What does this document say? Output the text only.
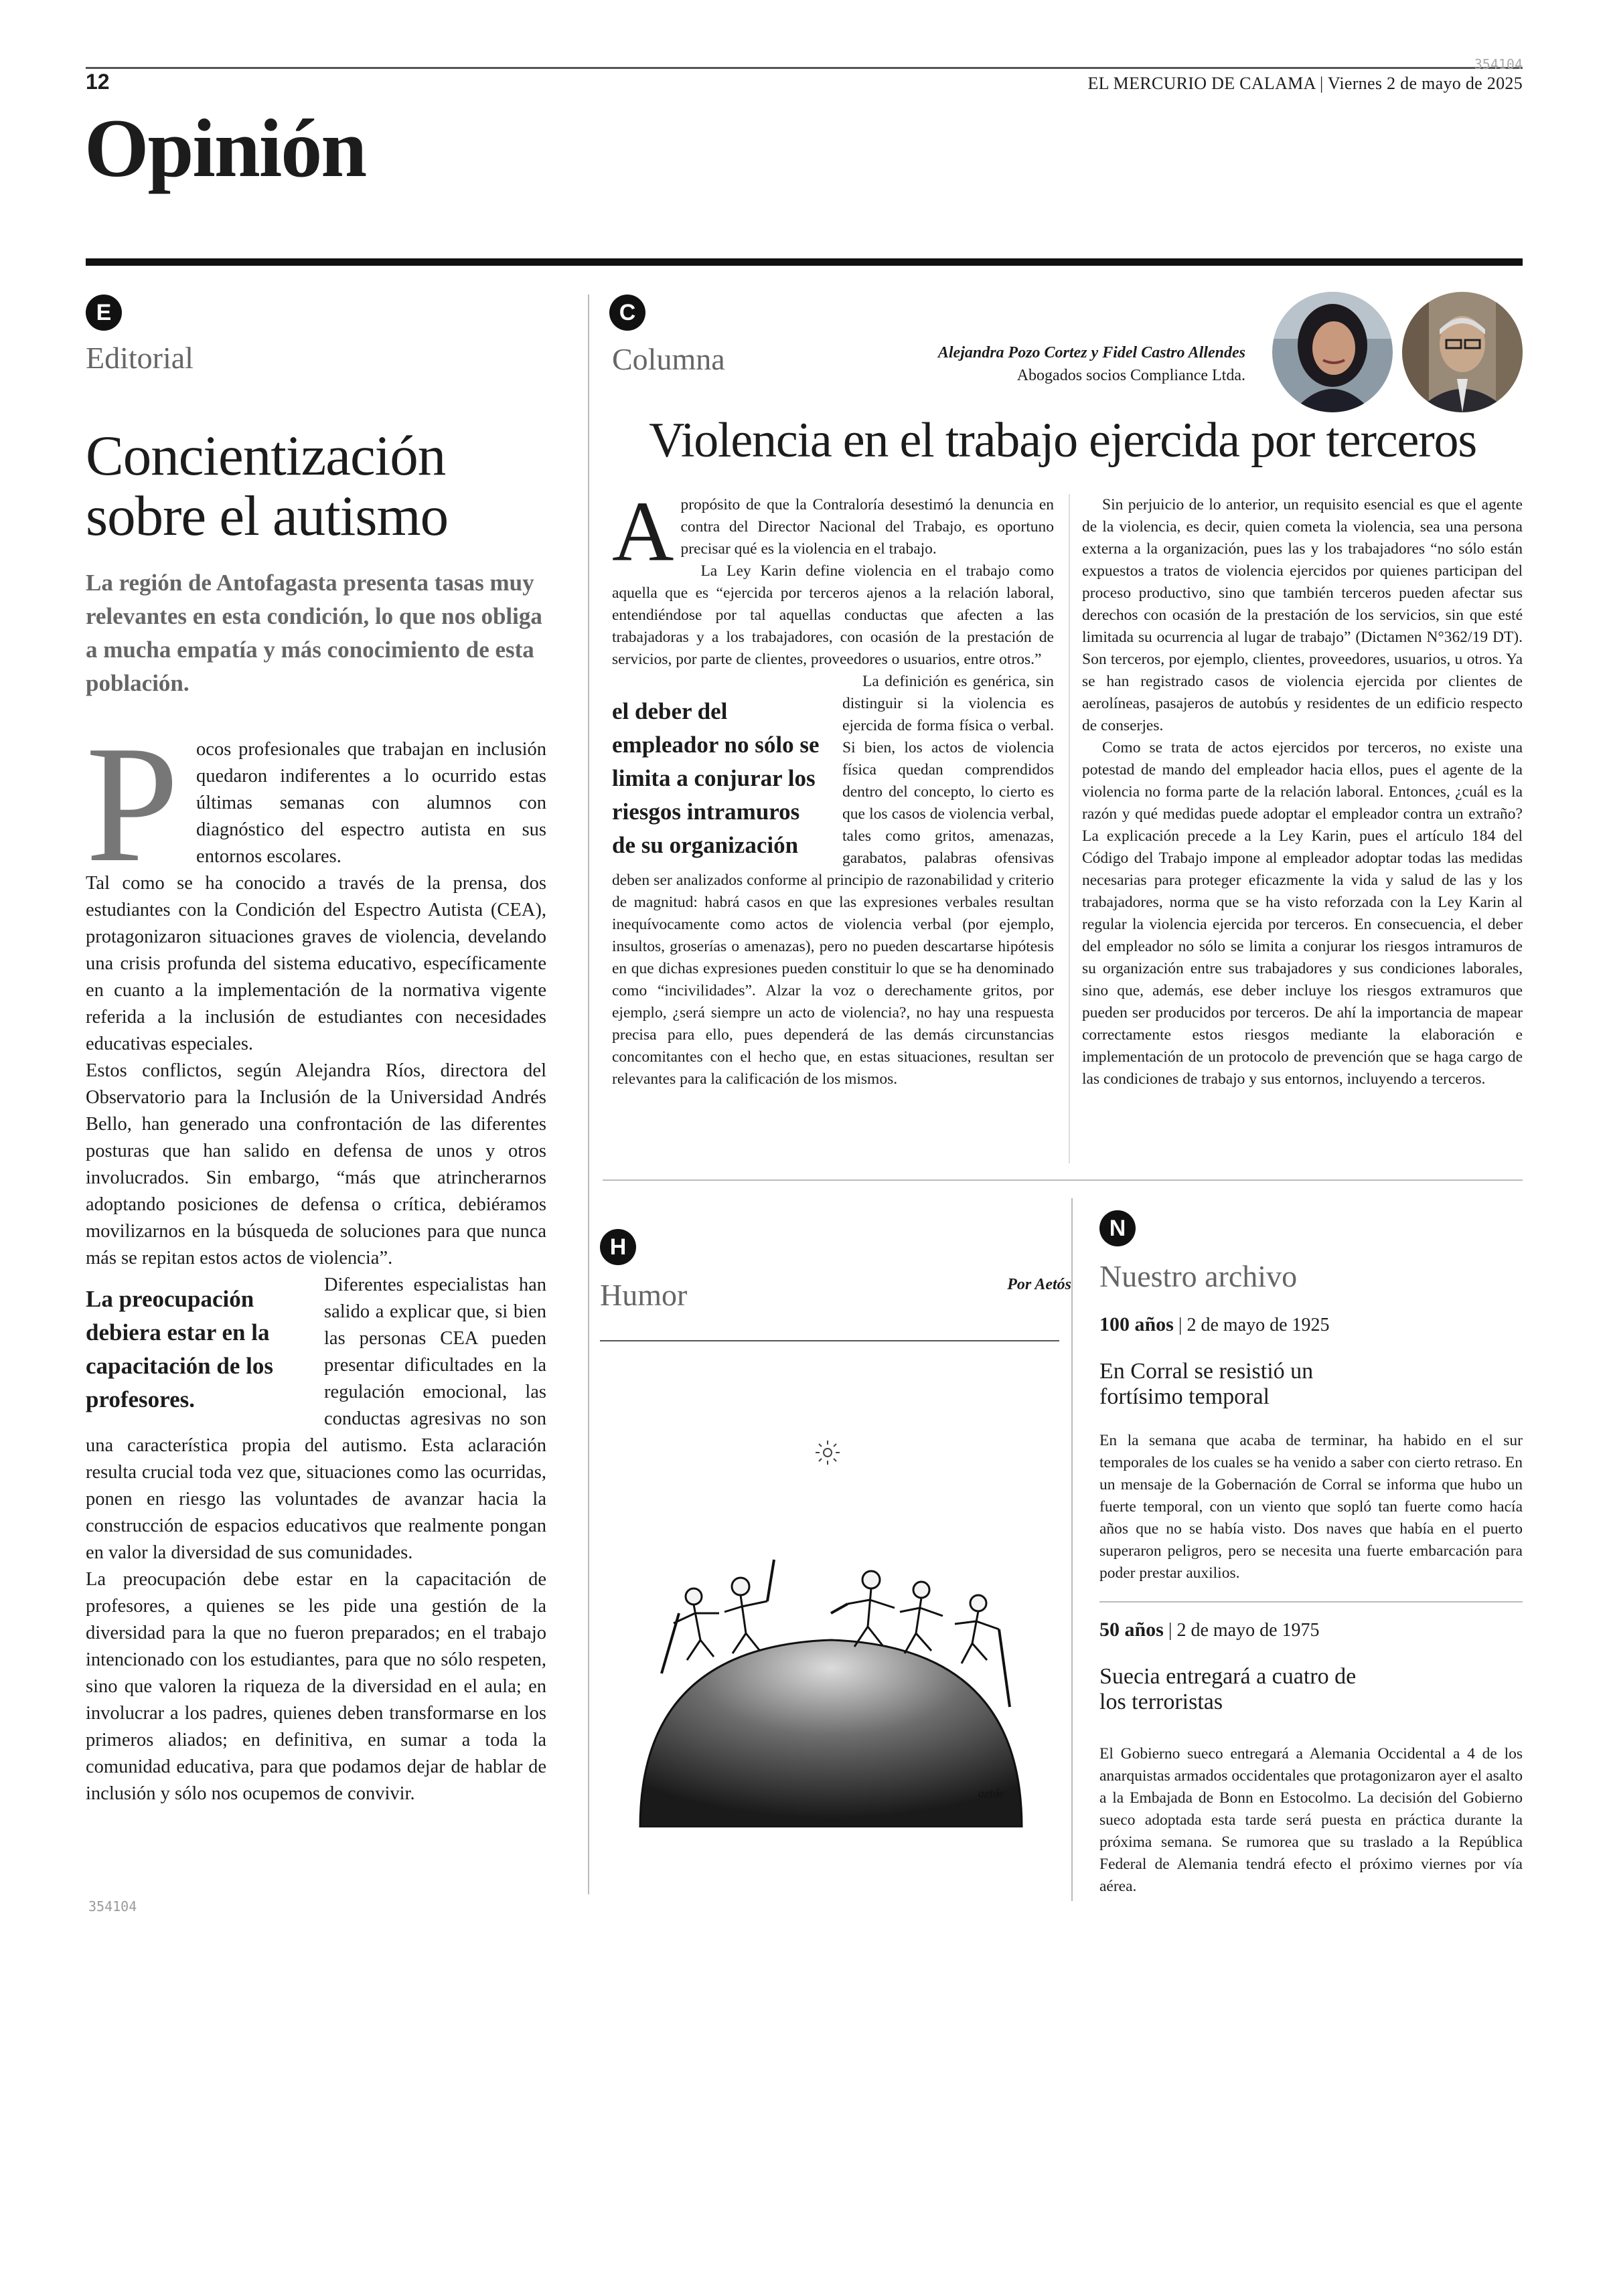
12
354104
EL MERCURIO DE CALAMA | Viernes 2 de mayo de 2025
Opinión
E
Editorial
Concientización sobre el autismo
La región de Antofagasta presenta tasas muy relevantes en esta condición, lo que nos obliga a mucha empatía y más conocimiento de esta población.
P ocos profesionales que trabajan en inclusión quedaron indiferentes a lo ocurrido estas últimas semanas con alumnos con diagnóstico del espectro autista en sus entornos escolares.

Tal como se ha conocido a través de la prensa, dos estudiantes con la Condición del Espectro Autista (CEA), protagonizaron situaciones graves de violencia, develando una crisis profunda del sistema educativo, específicamente en cuanto a la implementación de la normativa vigente referida a la inclusión de estudiantes con necesidades educativas especiales.

Estos conflictos, según Alejandra Ríos, directora del Observatorio para la Inclusión de la Universidad Andrés Bello, han generado una confrontación de las diferentes posturas que han salido en defensa de unos y otros involucrados. Sin embargo, “más que atrincherarnos adoptando posiciones de defensa o crítica, debiéramos movilizarnos en la búsqueda de soluciones para que nunca más se repitan estos actos de violencia”.

La preocupación debiera estar en la capacitación de los profesores.

Diferentes especialistas han salido a explicar que, si bien las personas CEA pueden presentar dificultades en la regulación emocional, las conductas agresivas no son una característica propia del autismo. Esta aclaración resulta crucial toda vez que, situaciones como las ocurridas, ponen en riesgo las voluntades de avanzar hacia la construcción de espacios educativos que realmente pongan en valor la diversidad de sus comunidades.

La preocupación debe estar en la capacitación de profesores, a quienes se les pide una gestión de la diversidad para la que no fueron preparados; en el trabajo intencionado con los estudiantes, para que no sólo respeten, sino que valoren la riqueza de la diversidad en el aula; en involucrar a los padres, quienes deben transformarse en los primeros aliados; en definitiva, en sumar a toda la comunidad educativa, para que podamos dejar de hablar de inclusión y sólo nos ocupemos de convivir.

354104
C
Columna	Alejandra Pozo Cortez y Fidel Castro Allendes
Abogados socios Compliance Ltda.
Violencia en el trabajo ejercida por terceros
A propósito de que la Contraloría desestimó la denuncia en contra del Director Nacional del Trabajo, es oportuno precisar qué es la violencia en el trabajo.

La Ley Karin define violencia en el trabajo como aquella que es “ejercida por terceros ajenos a la relación laboral, entendiéndose por tal aquellas conductas que afecten a las trabajadoras y a los trabajadores, con ocasión de la prestación de servicios, por parte de clientes, proveedores o usuarios, entre otros.”

el deber del empleador no sólo se limita a conjurar los riesgos intramuros de su organización

La definición es genérica, sin distinguir si la violencia es ejercida de forma física o verbal. Si bien, los actos de violencia física quedan comprendidos dentro del concepto, lo cierto es que los casos de violencia verbal, tales como gritos, amenazas, garabatos, palabras ofensivas deben ser analizados conforme al principio de razonabilidad y criterio de magnitud: habrá casos en que las expresiones verbales resultan inequívocamente como actos de violencia verbal (por ejemplo, insultos, groserías o amenazas), pero no pueden descartarse hipótesis en que dichas expresiones pueden constituir lo que se ha denominado como “incivilidades”. Alzar la voz o derechamente gritos, por ejemplo, ¿será siempre un acto de violencia?, no hay una respuesta precisa para ello, pues dependerá de las demás circunstancias concomitantes con el hecho que, en estas situaciones, resultan ser relevantes para la calificación de los mismos.

Sin perjuicio de lo anterior, un requisito esencial es que el agente de la violencia, es decir, quien cometa la violencia, sea una persona externa a la organización, pues las y los trabajadores “no sólo están expuestos a tratos de violencia ejercidos por quienes participan del proceso productivo, sino que también terceros pueden afectar sus derechos con ocasión de la prestación de los servicios, sin que esté limitada su ocurrencia al lugar de trabajo” (Dictamen N°362/19 DT). Son terceros, por ejemplo, clientes, proveedores, usuarios, u otros. Ya se han registrado casos de violencia ejercida por clientes de aerolíneas, pasajeros de autobús y residentes de un edificio respecto de conserjes.

Como se trata de actos ejercidos por terceros, no existe una potestad de mando del empleador hacia ellos, pues el agente de la violencia no forma parte de la relación laboral. Entonces, ¿cuál es la razón y qué medidas puede adoptar el empleador contra un extraño? La explicación precede a la Ley Karin, pues el artículo 184 del Código del Trabajo impone al empleador adoptar todas las medidas necesarias para proteger eficazmente la vida y salud de las y los trabajadores, norma que se ha visto reforzada con la Ley Karin al regular la violencia ejercida por terceros. En consecuencia, el deber del empleador no sólo se limita a conjurar los riesgos intramuros de su organización entre sus trabajadores y sus condiciones laborales, sino que, además, ese deber incluye los riesgos extramuros que pueden ser producidos por terceros. De ahí la importancia de mapear correctamente estos riesgos mediante la elaboración e implementación de un protocolo de prevención que se haga cargo de las condiciones de trabajo y sus entornos, incluyendo a terceros.

H
Humor	Por Aetós
aetós
N
Nuestro archivo
100 años | 2 de mayo de 1925
En Corral se resistió un fortísimo temporal
En la semana que acaba de terminar, ha habido en el sur temporales de los cuales se ha venido a saber con cierto retraso. En un mensaje de la Gobernación de Corral se informa que hubo un fuerte temporal, con un viento que sopló tan fuerte como hacía años que no se había visto. Dos naves que había en el puerto superaron peligros, pero se necesita una fuerte embarcación para poder prestar auxilios.
50 años | 2 de mayo de 1975
Suecia entregará a cuatro de los terroristas
El Gobierno sueco entregará a Alemania Occidental a 4 de los anarquistas armados occidentales que protagonizaron ayer el asalto a la Embajada de Bonn en Estocolmo. La decisión del Gobierno sueco adoptada esta tarde será puesta en práctica durante la próxima semana. Se rumorea que su traslado a la República Federal de Alemania tendrá efecto el próximo viernes por vía aérea.
